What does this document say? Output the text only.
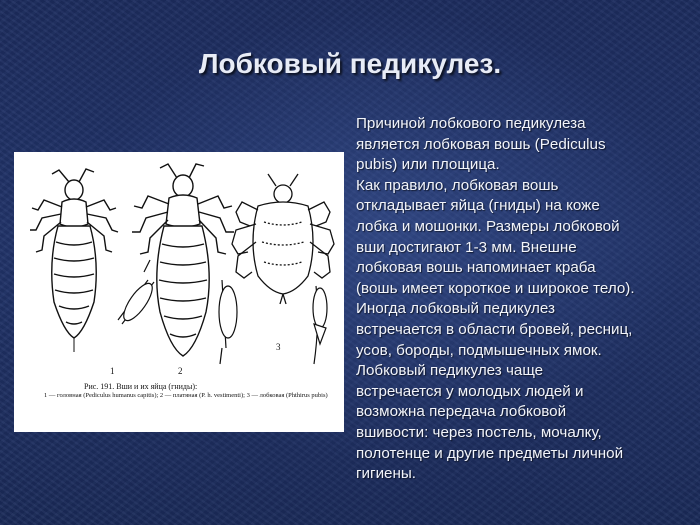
Лобковый педикулез.
1	2
3
Рис. 191. Вши и их яйца (гниды):
1 — головная (Pediculus humanus capitis); 2 — платяная (P. h. vestimenti); 3 — лобковая (Phthirus pubis)
Причиной лобкового педикулеза
является лобковая вошь (Pediculus
pubis) или площица.
Как правило, лобковая вошь
откладывает яйца (гниды) на коже
лобка и мошонки. Размеры лобковой
вши достигают 1-3 мм. Внешне
лобковая вошь напоминает краба
(вошь имеет короткое и широкое тело).
Иногда лобковый педикулез
встречается в области бровей, ресниц,
усов, бороды, подмышечных ямок.
Лобковый педикулез чаще
встречается у молодых людей и
возможна передача лобковой
вшивости: через постель, мочалку,
полотенце и другие предметы личной
гигиены.
